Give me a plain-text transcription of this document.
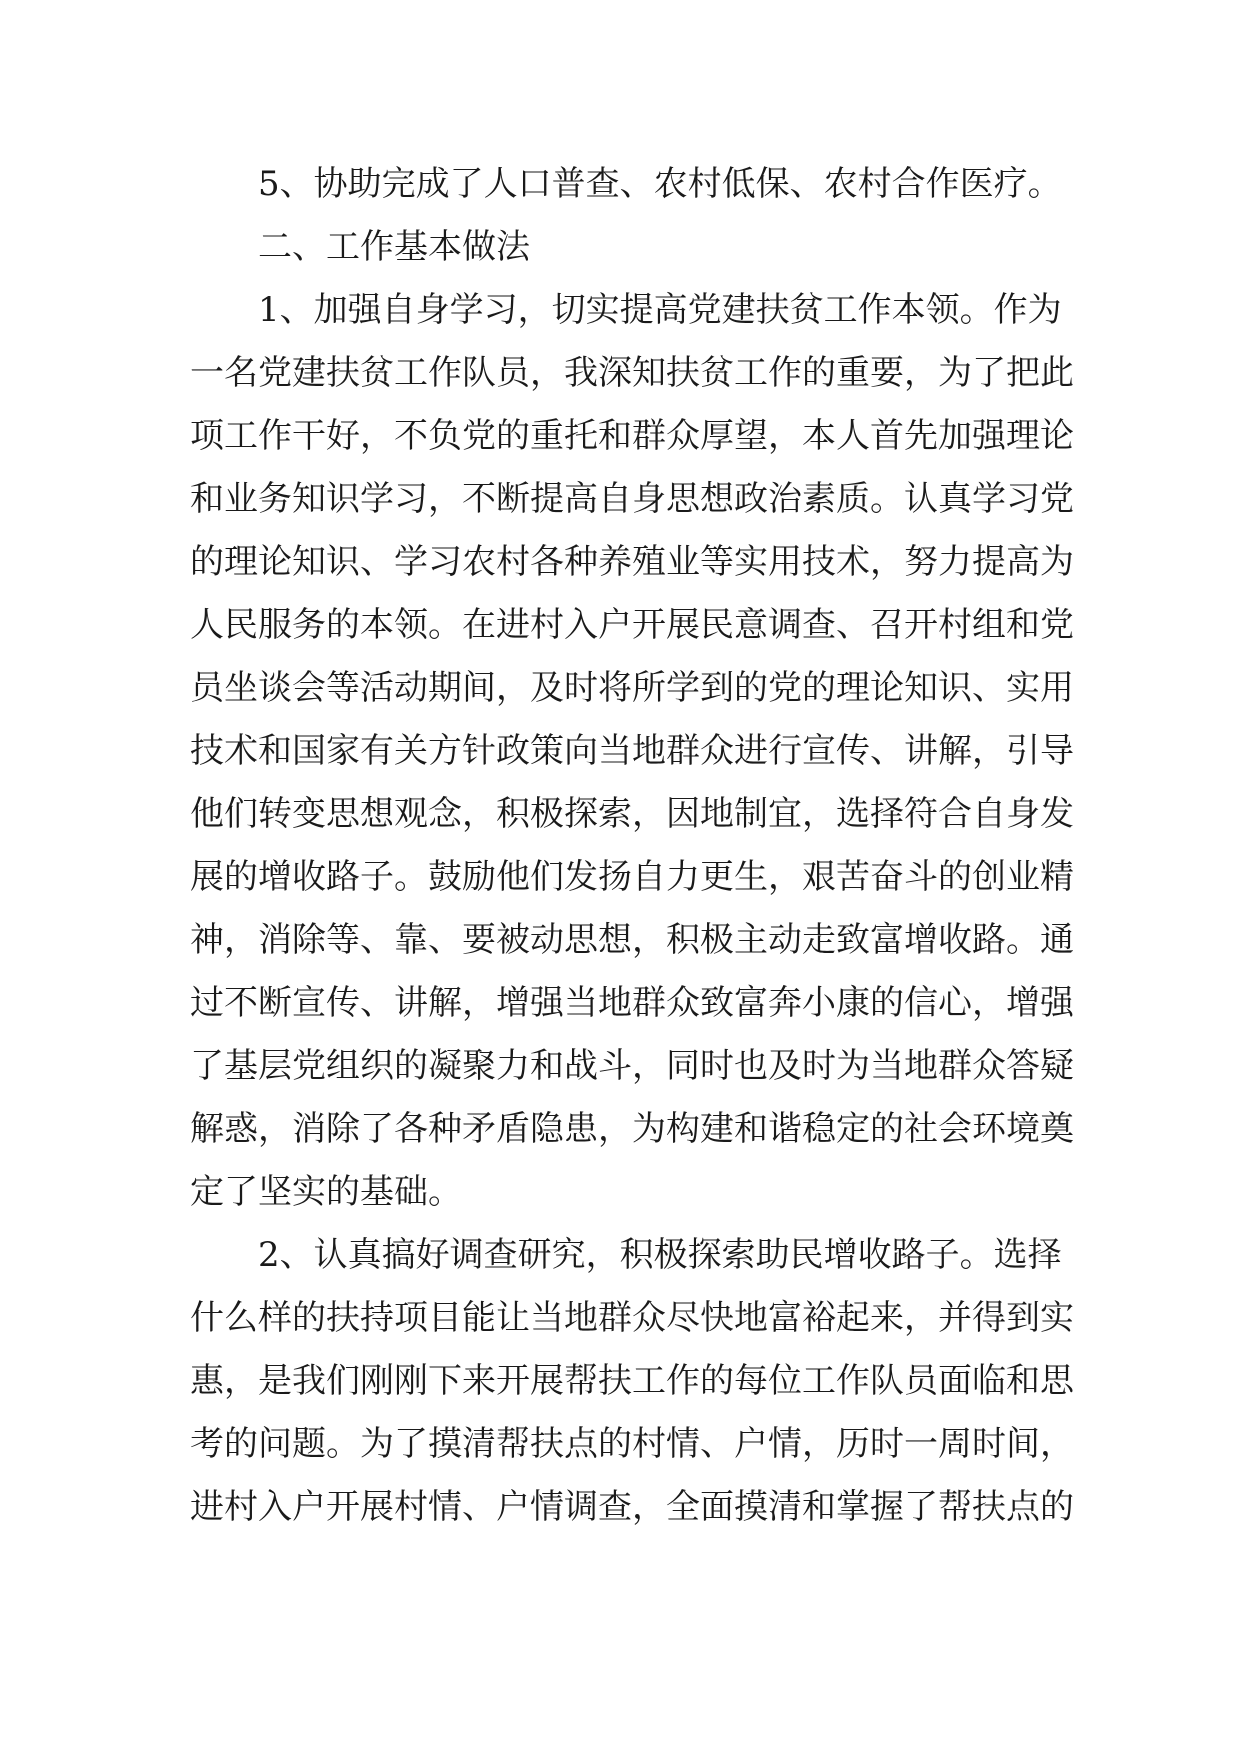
5、协助完成了人口普查、农村低保、农村合作医疗。
二、工作基本做法
1、加强自身学习，切实提高党建扶贫工作本领。作为
一名党建扶贫工作队员，我深知扶贫工作的重要，为了把此
项工作干好，不负党的重托和群众厚望，本人首先加强理论
和业务知识学习，不断提高自身思想政治素质。认真学习党
的理论知识、学习农村各种养殖业等实用技术，努力提高为
人民服务的本领。在进村入户开展民意调查、召开村组和党
员坐谈会等活动期间，及时将所学到的党的理论知识、实用
技术和国家有关方针政策向当地群众进行宣传、讲解，引导
他们转变思想观念，积极探索，因地制宜，选择符合自身发
展的增收路子。鼓励他们发扬自力更生，艰苦奋斗的创业精
神，消除等、靠、要被动思想，积极主动走致富增收路。通
过不断宣传、讲解，增强当地群众致富奔小康的信心，增强
了基层党组织的凝聚力和战斗，同时也及时为当地群众答疑
解惑，消除了各种矛盾隐患，为构建和谐稳定的社会环境奠
定了坚实的基础。
2、认真搞好调查研究，积极探索助民增收路子。选择
什么样的扶持项目能让当地群众尽快地富裕起来，并得到实
惠，是我们刚刚下来开展帮扶工作的每位工作队员面临和思
考的问题。为了摸清帮扶点的村情、户情，历时一周时间，
进村入户开展村情、户情调查，全面摸清和掌握了帮扶点的
